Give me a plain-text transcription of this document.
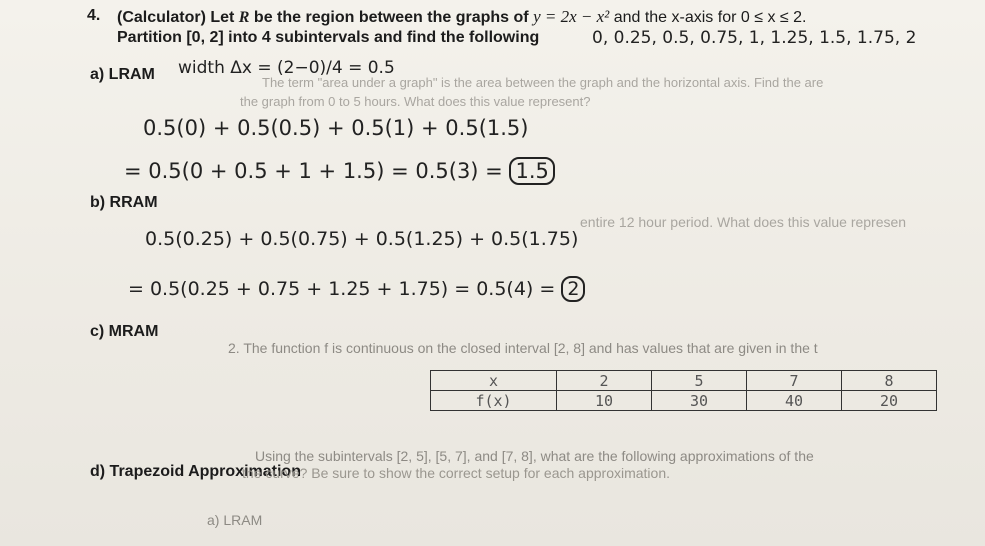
4. (Calculator) Let R be the region between the graphs of y = 2x − x² and the x-axis for 0 ≤ x ≤ 2.
Partition [0, 2] into 4 subintervals and find the following	0, 0.25, 0.5, 0.75, 1, 1.25, 1.5, 1.75, 2
a) LRAM width Δx = (2−0)/4 = 0.5
The term "area under a graph" is the area between the graph and the horizontal axis. Find the are
the graph from 0 to 5 hours. What does this value represent?
0.5(0) + 0.5(0.5) + 0.5(1) + 0.5(1.5)
= 0.5(0 + 0.5 + 1 + 1.5) = 0.5(3) = 1.5
b) RRAM
entire 12 hour period. What does this value represen
0.5(0.25) + 0.5(0.75) + 0.5(1.25) + 0.5(1.75)
= 0.5(0.25 + 0.75 + 1.25 + 1.75) = 0.5(4) = 2
c) MRAM
2. The function f is continuous on the closed interval [2, 8] and has values that are given in the t
x	2	5	7	8
f(x)	10	30	40	20
Using the subintervals [2, 5], [5, 7], and [7, 8], what are the following approximations of the
d) Trapezoid Approximation
the curve? Be sure to show the correct setup for each approximation.
a) LRAM
